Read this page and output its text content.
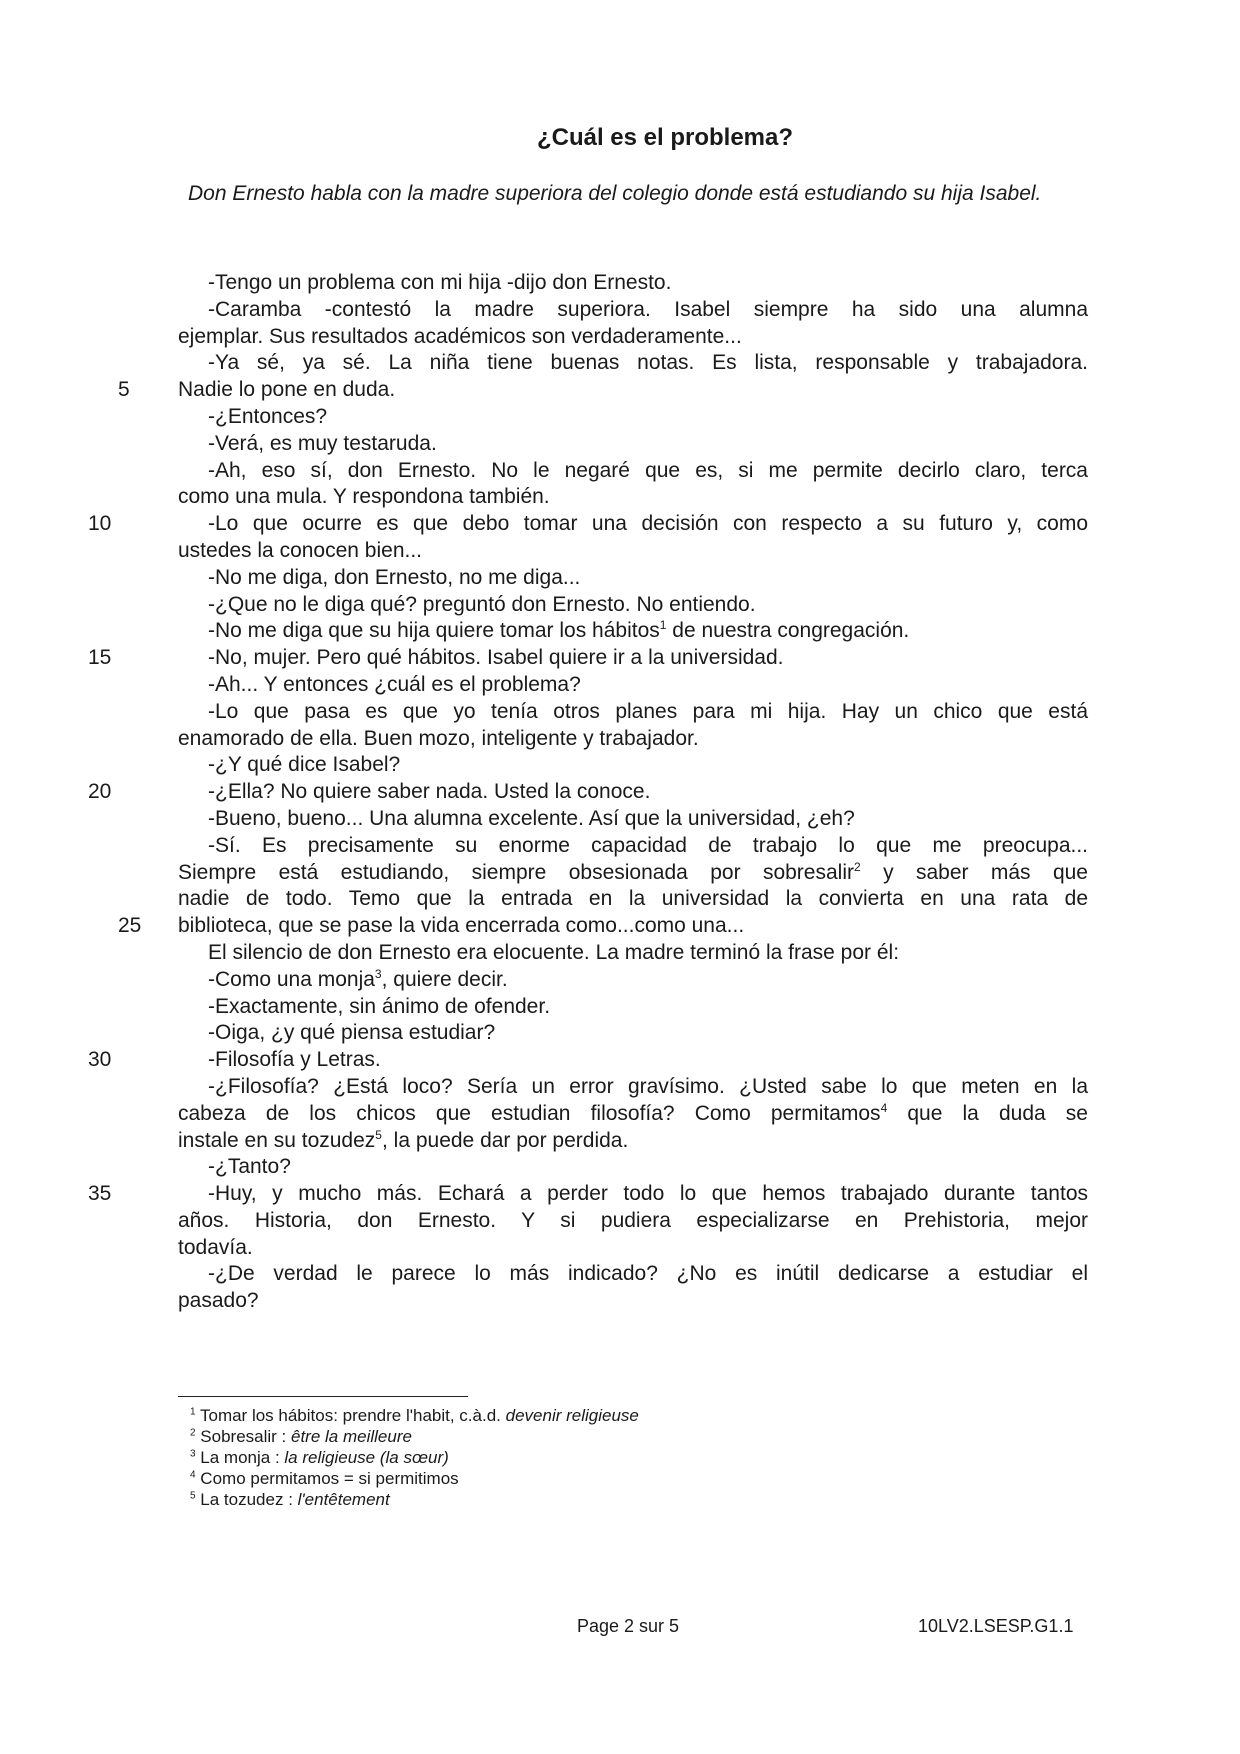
¿Cuál es el problema?
Don Ernesto habla con la madre superiora del colegio donde está estudiando su hija Isabel.
-Tengo un problema con mi hija -dijo don Ernesto.
-Caramba -contestó la madre superiora. Isabel siempre ha sido una alumna
ejemplar. Sus resultados académicos son verdaderamente...
-Ya sé, ya sé. La niña tiene buenas notas. Es lista, responsable y trabajadora.
5	Nadie lo pone en duda.
-¿Entonces?
-Verá, es muy testaruda.
-Ah, eso sí, don Ernesto. No le negaré que es, si me permite decirlo claro, terca
como una mula. Y respondona también.
10	-Lo que ocurre es que debo tomar una decisión con respecto a su futuro y, como
ustedes la conocen bien...
-No me diga, don Ernesto, no me diga...
-¿Que no le diga qué? preguntó don Ernesto. No entiendo.
-No me diga que su hija quiere tomar los hábitos$^1$ de nuestra congregación.
15	-No, mujer. Pero qué hábitos. Isabel quiere ir a la universidad.
-Ah... Y entonces ¿cuál es el problema?
-Lo que pasa es que yo tenía otros planes para mi hija. Hay un chico que está
enamorado de ella. Buen mozo, inteligente y trabajador.
-¿Y qué dice Isabel?
20	-¿Ella? No quiere saber nada. Usted la conoce.
-Bueno, bueno... Una alumna excelente. Así que la universidad, ¿eh?
-Sí. Es precisamente su enorme capacidad de trabajo lo que me preocupa...
Siempre está estudiando, siempre obsesionada por sobresalir$^2$ y saber más que
nadie de todo. Temo que la entrada en la universidad la convierta en una rata de
25	biblioteca, que se pase la vida encerrada como...como una...
El silencio de don Ernesto era elocuente. La madre terminó la frase por él:
-Como una monja$^3$, quiere decir.
-Exactamente, sin ánimo de ofender.
-Oiga, ¿y qué piensa estudiar?
30	-Filosofía y Letras.
-¿Filosofía? ¿Está loco? Sería un error gravísimo. ¿Usted sabe lo que meten en la
cabeza de los chicos que estudian filosofía? Como permitamos$^4$ que la duda se
instale en su tozudez$^5$, la puede dar por perdida.
-¿Tanto?
35	-Huy, y mucho más. Echará a perder todo lo que hemos trabajado durante tantos
años. Historia, don Ernesto. Y si pudiera especializarse en Prehistoria, mejor
todavía.
-¿De verdad le parece lo más indicado? ¿No es inútil dedicarse a estudiar el
pasado?
$^1$ Tomar los hábitos: prendre l'habit, c.à.d. devenir religieuse
$^2$ Sobresalir : être la meilleure
$^3$ La monja : la religieuse (la sœur)
$^4$ Como permitamos = si permitimos
$^5$ La tozudez : l'entêtement
Page 2 sur 5	10LV2.LSESP.G1.1
